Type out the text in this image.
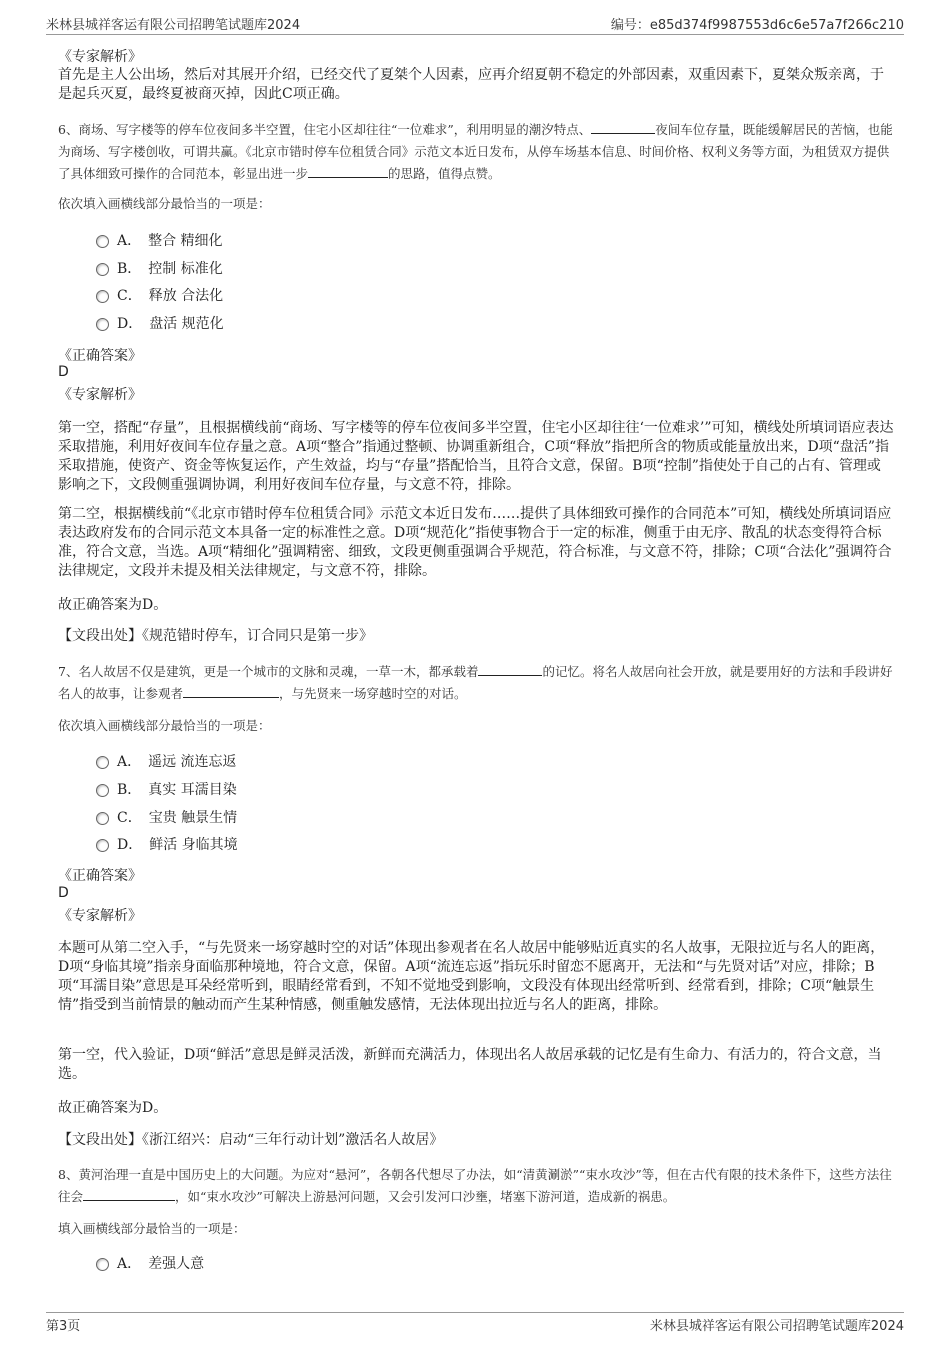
米林县城祥客运有限公司招聘笔试题库2024	编号：e85d374f9987553d6c6e57a7f266c210
《专家解析》
首先是主人公出场，然后对其展开介绍，已经交代了夏桀个人因素，应再介绍夏朝不稳定的外部因素，双重因素下，夏桀众叛亲离，于是起兵灭夏，最终夏被商灭掉，因此C项正确。
6、商场、写字楼等的停车位夜间多半空置，住宅小区却往往“一位难求”，利用明显的潮汐特点、	夜间车位存量，既能缓解居民的苦恼，也能为商场、写字楼创收，可谓共赢。《北京市错时停车位租赁合同》示范文本近日发布，从停车场基本信息、时间价格、权利义务等方面，为租赁双方提供了具体细致可操作的合同范本，彰显出进一步	的思路，值得点赞。
依次填入画横线部分最恰当的一项是：
A．　整合 精细化
B．　控制 标准化
C．　释放 合法化
D．　盘活 规范化
《正确答案》
D
《专家解析》
第一空，搭配“存量”，且根据横线前“商场、写字楼等的停车位夜间多半空置，住宅小区却往往‘一位难求’”可知，横线处所填词语应表达采取措施，利用好夜间车位存量之意。A项“整合”指通过整顿、协调重新组合，C项“释放”指把所含的物质或能量放出来，D项“盘活”指采取措施，使资产、资金等恢复运作，产生效益，均与“存量”搭配恰当，且符合文意，保留。B项“控制”指使处于自己的占有、管理或影响之下，文段侧重强调协调，利用好夜间车位存量，与文意不符，排除。
第二空，根据横线前“《北京市错时停车位租赁合同》示范文本近日发布……提供了具体细致可操作的合同范本”可知，横线处所填词语应表达政府发布的合同示范文本具备一定的标准性之意。D项“规范化”指使事物合于一定的标准，侧重于由无序、散乱的状态变得符合标准，符合文意，当选。A项“精细化”强调精密、细致，文段更侧重强调合乎规范，符合标准，与文意不符，排除；C项“合法化”强调符合法律规定，文段并未提及相关法律规定，与文意不符，排除。
故正确答案为D。
【文段出处】《规范错时停车，订合同只是第一步》
7、名人故居不仅是建筑，更是一个城市的文脉和灵魂，一草一木，都承载着	的记忆。将名人故居向社会开放，就是要用好的方法和手段讲好名人的故事，让参观者	，与先贤来一场穿越时空的对话。
依次填入画横线部分最恰当的一项是：
A．　遥远 流连忘返
B．　真实 耳濡目染
C．　宝贵 触景生情
D．　鲜活 身临其境
《正确答案》
D
《专家解析》
本题可从第二空入手，“与先贤来一场穿越时空的对话”体现出参观者在名人故居中能够贴近真实的名人故事，无限拉近与名人的距离，D项“身临其境”指亲身面临那种境地，符合文意，保留。A项“流连忘返”指玩乐时留恋不愿离开，无法和“与先贤对话”对应，排除；B项“耳濡目染”意思是耳朵经常听到，眼睛经常看到，不知不觉地受到影响，文段没有体现出经常听到、经常看到，排除；C项“触景生情”指受到当前情景的触动而产生某种情感，侧重触发感情，无法体现出拉近与名人的距离，排除。
第一空，代入验证，D项“鲜活”意思是鲜灵活泼，新鲜而充满活力，体现出名人故居承载的记忆是有生命力、有活力的，符合文意，当选。
故正确答案为D。
【文段出处】《浙江绍兴：启动“三年行动计划”激活名人故居》
8、黄河治理一直是中国历史上的大问题。为应对“悬河”，各朝各代想尽了办法，如“清黄涮淤”“束水攻沙”等，但在古代有限的技术条件下，这些方法往往会	，如“束水攻沙”可解决上游悬河问题，又会引发河口沙壅，堵塞下游河道，造成新的祸患。
填入画横线部分最恰当的一项是：
A．　差强人意
第3页	米林县城祥客运有限公司招聘笔试题库2024
